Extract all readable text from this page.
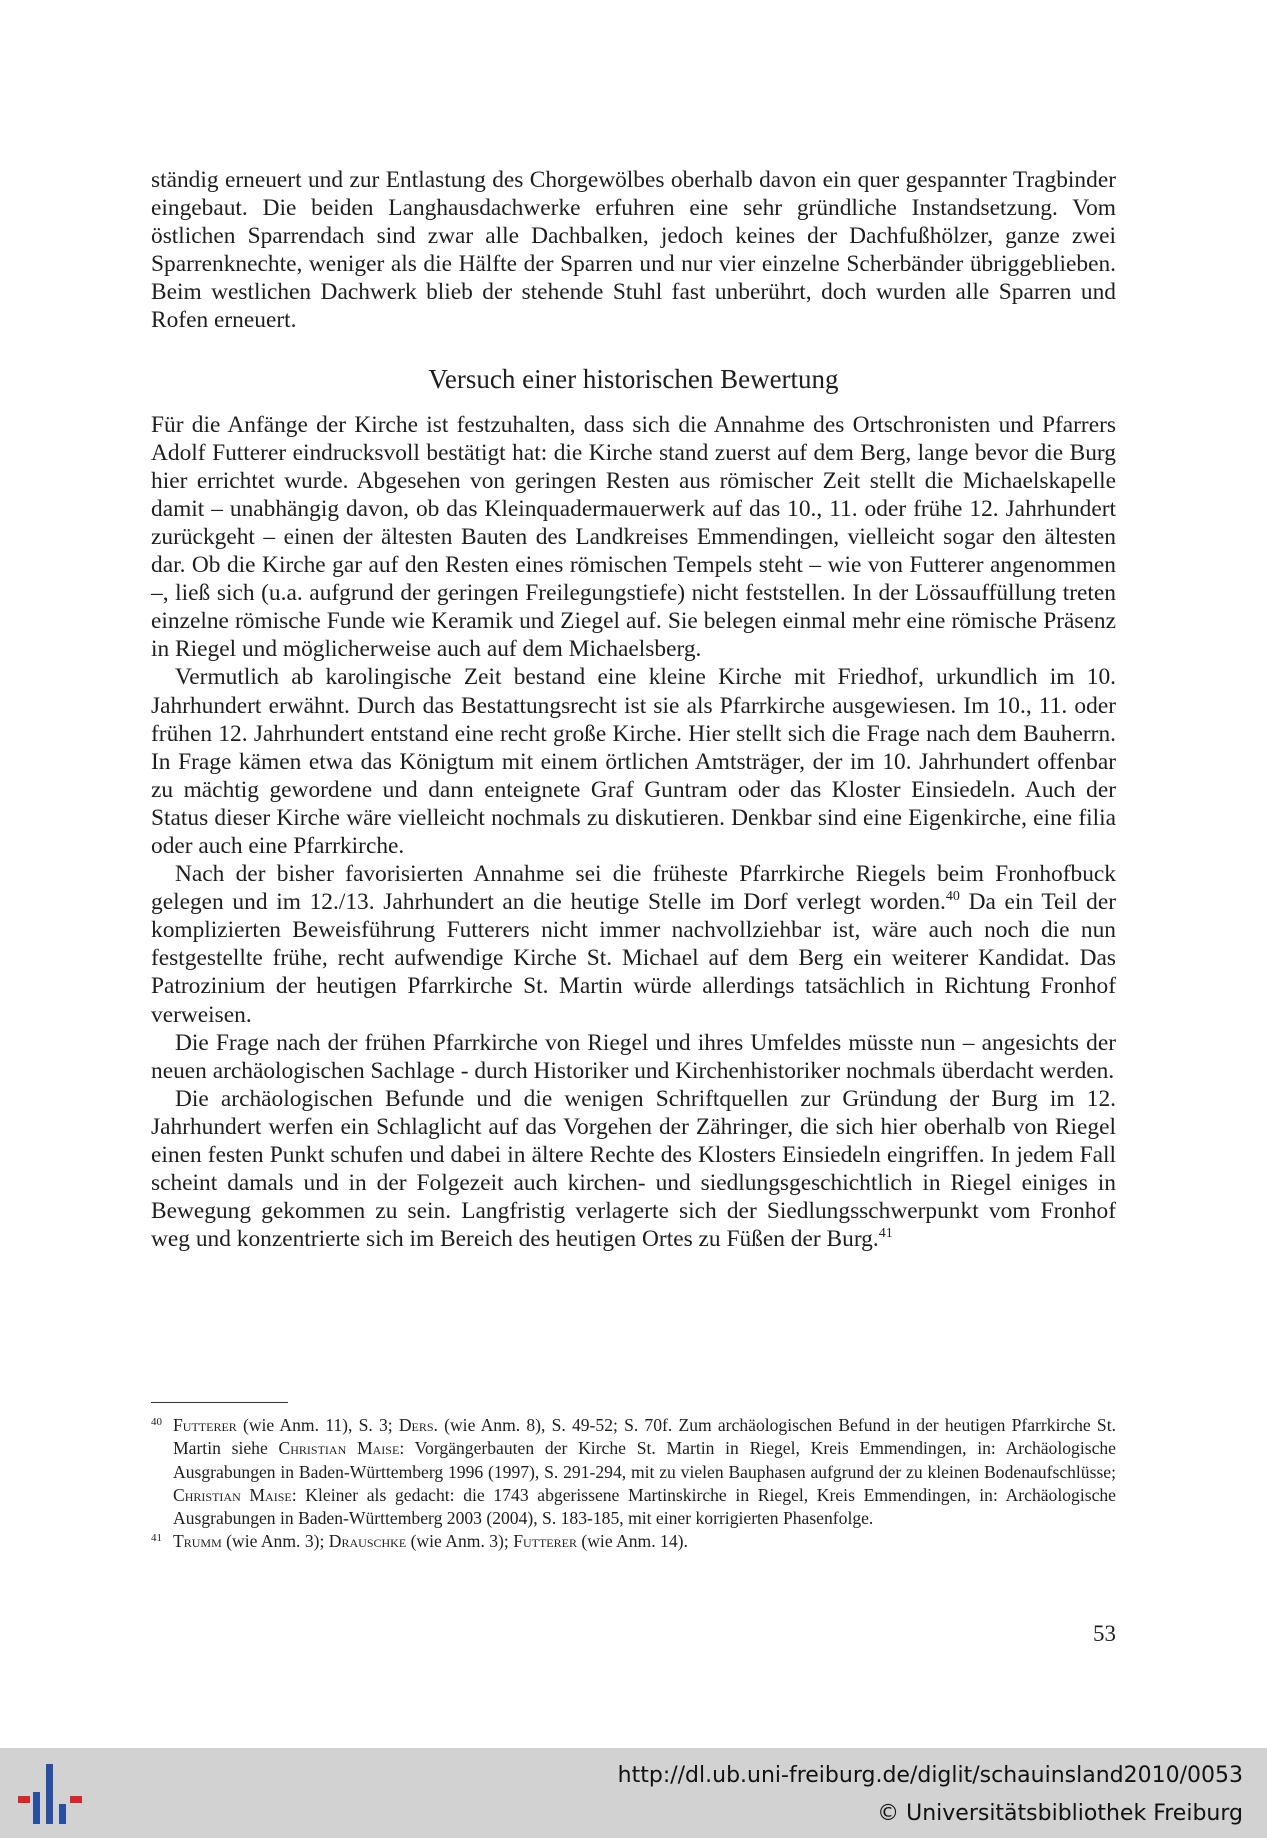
ständig erneuert und zur Entlastung des Chorgewölbes oberhalb davon ein quer gespannter Tragbinder eingebaut. Die beiden Langhausdachwerke erfuhren eine sehr gründliche Instandsetzung. Vom östlichen Sparrendach sind zwar alle Dachbalken, jedoch keines der Dachfußhölzer, ganze zwei Sparrenknechte, weniger als die Hälfte der Sparren und nur vier einzelne Scherbänder übriggeblieben. Beim westlichen Dachwerk blieb der stehende Stuhl fast unberührt, doch wurden alle Sparren und Rofen erneuert.

Versuch einer historischen Bewertung

Für die Anfänge der Kirche ist festzuhalten, dass sich die Annahme des Ortschronisten und Pfarrers Adolf Futterer eindrucksvoll bestätigt hat: die Kirche stand zuerst auf dem Berg, lange bevor die Burg hier errichtet wurde. Abgesehen von geringen Resten aus römischer Zeit stellt die Michaelskapelle damit – unabhängig davon, ob das Kleinquadermauerwerk auf das 10., 11. oder frühe 12. Jahrhundert zurückgeht – einen der ältesten Bauten des Landkreises Emmendingen, vielleicht sogar den ältesten dar. Ob die Kirche gar auf den Resten eines römischen Tempels steht – wie von Futterer angenommen –, ließ sich (u.a. aufgrund der geringen Freilegungstiefe) nicht feststellen. In der Lössauffüllung treten einzelne römische Funde wie Keramik und Ziegel auf. Sie belegen einmal mehr eine römische Präsenz in Riegel und möglicherweise auch auf dem Michaelsberg.

Vermutlich ab karolingische Zeit bestand eine kleine Kirche mit Friedhof, urkundlich im 10. Jahrhundert erwähnt. Durch das Bestattungsrecht ist sie als Pfarrkirche ausgewiesen. Im 10., 11. oder frühen 12. Jahrhundert entstand eine recht große Kirche. Hier stellt sich die Frage nach dem Bauherrn. In Frage kämen etwa das Königtum mit einem örtlichen Amtsträger, der im 10. Jahrhundert offenbar zu mächtig gewordene und dann enteignete Graf Guntram oder das Kloster Einsiedeln. Auch der Status dieser Kirche wäre vielleicht nochmals zu diskutieren. Denkbar sind eine Eigenkirche, eine filia oder auch eine Pfarrkirche.

Nach der bisher favorisierten Annahme sei die früheste Pfarrkirche Riegels beim Fronhofbuck gelegen und im 12./13. Jahrhundert an die heutige Stelle im Dorf verlegt worden.$^{40}$ Da ein Teil der komplizierten Beweisführung Futterers nicht immer nachvollziehbar ist, wäre auch noch die nun festgestellte frühe, recht aufwendige Kirche St. Michael auf dem Berg ein weiterer Kandidat. Das Patrozinium der heutigen Pfarrkirche St. Martin würde allerdings tatsächlich in Richtung Fronhof verweisen.

Die Frage nach der frühen Pfarrkirche von Riegel und ihres Umfeldes müsste nun – angesichts der neuen archäologischen Sachlage - durch Historiker und Kirchenhistoriker nochmals überdacht werden.

Die archäologischen Befunde und die wenigen Schriftquellen zur Gründung der Burg im 12. Jahrhundert werfen ein Schlaglicht auf das Vorgehen der Zähringer, die sich hier oberhalb von Riegel einen festen Punkt schufen und dabei in ältere Rechte des Klosters Einsiedeln eingriffen. In jedem Fall scheint damals und in der Folgezeit auch kirchen- und siedlungsgeschichtlich in Riegel einiges in Bewegung gekommen zu sein. Langfristig verlagerte sich der Siedlungsschwerpunkt vom Fronhof weg und konzentrierte sich im Bereich des heutigen Ortes zu Füßen der Burg.$^{41}$

40 Futterer (wie Anm. 11), S. 3; Ders. (wie Anm. 8), S. 49-52; S. 70f. Zum archäologischen Befund in der heutigen Pfarrkirche St. Martin siehe Christian Maise: Vorgängerbauten der Kirche St. Martin in Riegel, Kreis Emmendingen, in: Archäologische Ausgrabungen in Baden-Württemberg 1996 (1997), S. 291-294, mit zu vielen Bauphasen aufgrund der zu kleinen Bodenaufschlüsse; Christian Maise: Kleiner als gedacht: die 1743 abgerissene Martinskirche in Riegel, Kreis Emmendingen, in: Archäologische Ausgrabungen in Baden-Württemberg 2003 (2004), S. 183-185, mit einer korrigierten Phasenfolge.

41 Trumm (wie Anm. 3); Drauschke (wie Anm. 3); Futterer (wie Anm. 14).

53
http://dl.ub.uni-freiburg.de/diglit/schauinsland2010/0053
© Universitätsbibliothek Freiburg
